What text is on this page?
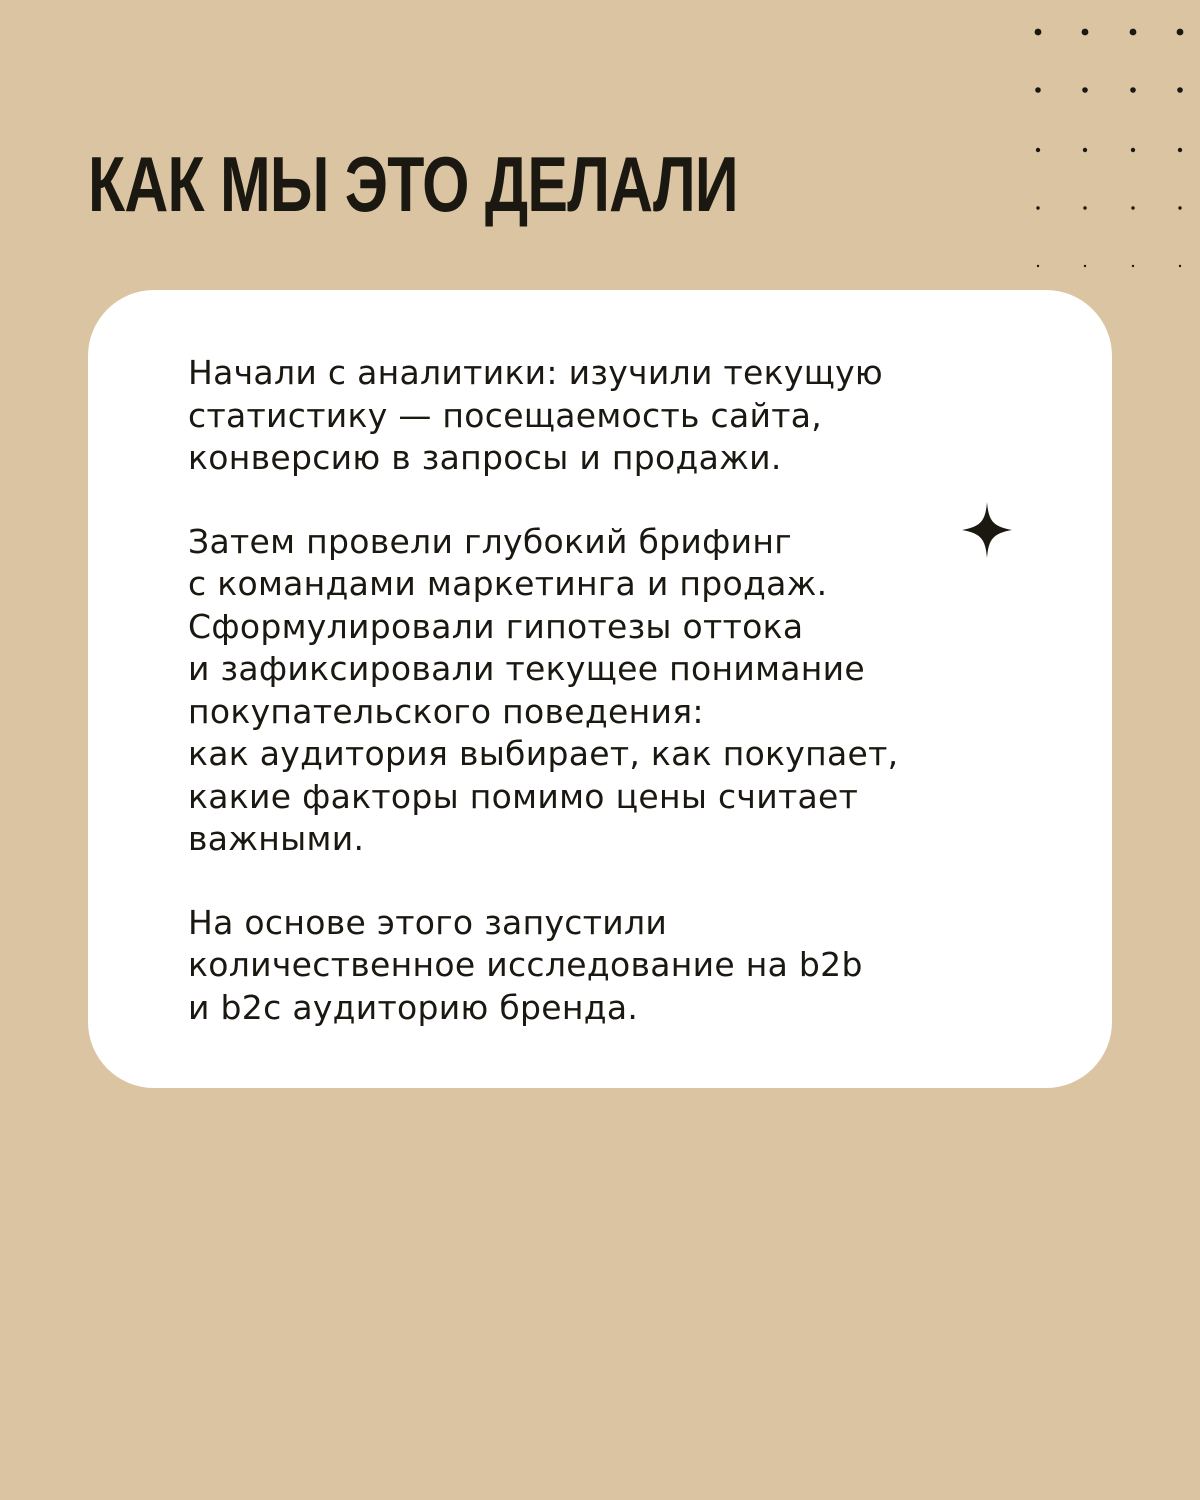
КАК МЫ ЭТО ДЕЛАЛИ

Начали с аналитики: изучили текущую
статистику — посещаемость сайта,
конверсию в запросы и продажи.

Затем провели глубокий брифинг
с командами маркетинга и продаж.
Сформулировали гипотезы оттока
и зафиксировали текущее понимание
покупательского поведения:
как аудитория выбирает, как покупает,
какие факторы помимо цены считает
важными.

На основе этого запустили
количественное исследование на b2b
и b2c аудиторию бренда.
